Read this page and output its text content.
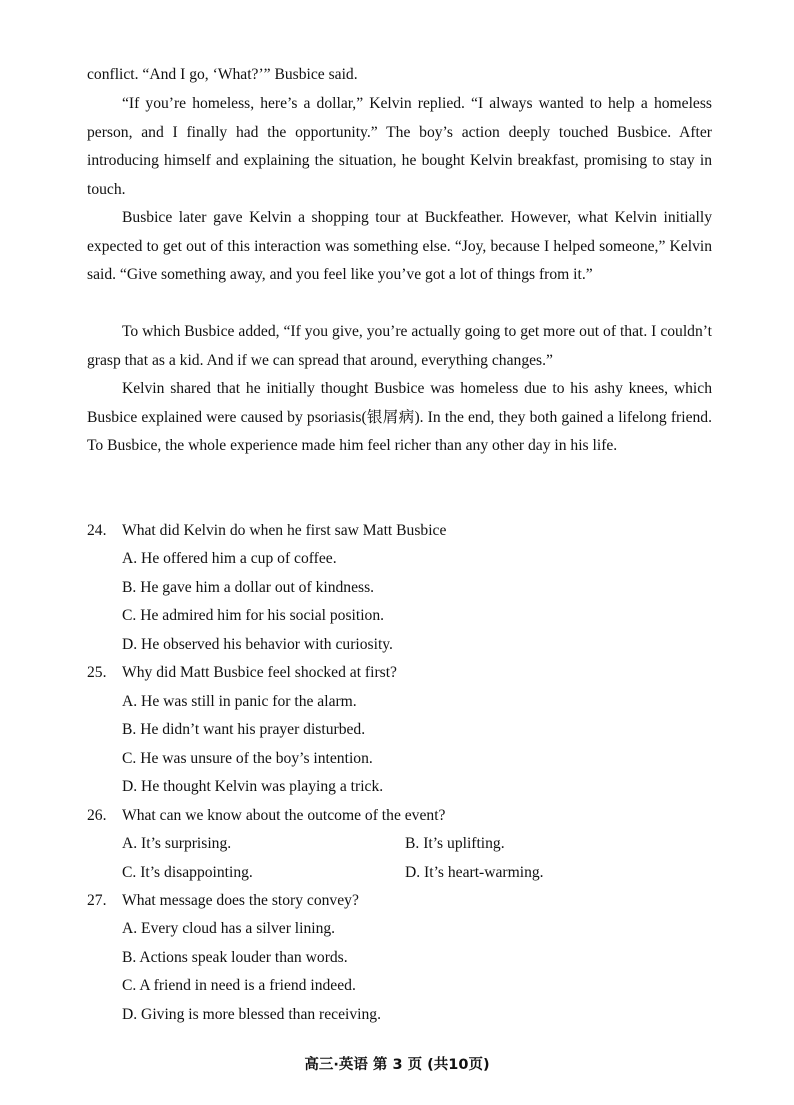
conflict. “And I go, ‘What?’” Busbice said.

“If you’re homeless, here’s a dollar,” Kelvin replied. “I always wanted to help a homeless person, and I finally had the opportunity.” The boy’s action deeply touched Busbice. After introducing himself and explaining the situation, he bought Kelvin breakfast, promising to stay in touch.

Busbice later gave Kelvin a shopping tour at Buckfeather. However, what Kelvin initially expected to get out of this interaction was something else. “Joy, because I helped someone,” Kelvin said. “Give something away, and you feel like you’ve got a lot of things from it.”

To which Busbice added, “If you give, you’re actually going to get more out of that. I couldn’t grasp that as a kid. And if we can spread that around, everything changes.”

Kelvin shared that he initially thought Busbice was homeless due to his ashy knees, which Busbice explained were caused by psoriasis(银屑病). In the end, they both gained a lifelong friend. To Busbice, the whole experience made him feel richer than any other day in his life.

24. What did Kelvin do when he first saw Matt Busbice

A. He offered him a cup of coffee.

B. He gave him a dollar out of kindness.

C. He admired him for his social position.

D. He observed his behavior with curiosity.

25. Why did Matt Busbice feel shocked at first?

A. He was still in panic for the alarm.

B. He didn’t want his prayer disturbed.

C. He was unsure of the boy’s intention.

D. He thought Kelvin was playing a trick.

26. What can we know about the outcome of the event?

A. It’s surprising.	B. It’s uplifting.

C. It’s disappointing.	D. It’s heart-warming.

27. What message does the story convey?

A. Every cloud has a silver lining.

B. Actions speak louder than words.

C. A friend in need is a friend indeed.

D. Giving is more blessed than receiving.

高三·英语 第 3 页 (共10页)
